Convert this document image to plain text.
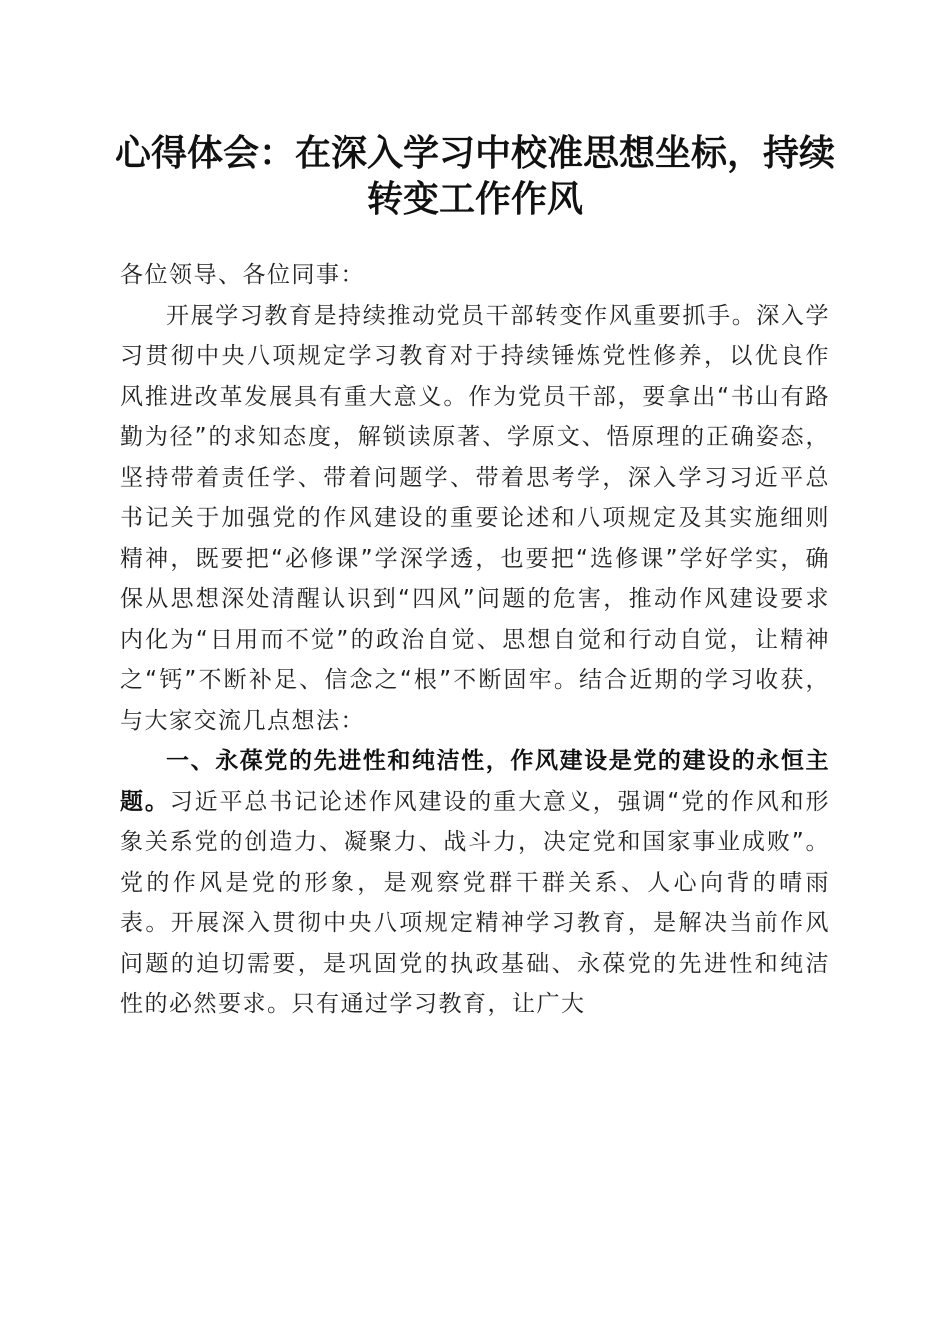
心得体会：在深入学习中校准思想坐标，持续
转变工作作风

各位领导、各位同事：

开展学习教育是持续推动党员干部转变作风重要抓手。深入学习贯彻中央八项规定学习教育对于持续锤炼党性修养，以优良作风推进改革发展具有重大意义。作为党员干部，要拿出“书山有路勤为径”的求知态度，解锁读原著、学原文、悟原理的正确姿态，坚持带着责任学、带着问题学、带着思考学，深入学习习近平总书记关于加强党的作风建设的重要论述和八项规定及其实施细则精神，既要把“必修课”学深学透，也要把“选修课”学好学实，确保从思想深处清醒认识到“四风”问题的危害，推动作风建设要求内化为“日用而不觉”的政治自觉、思想自觉和行动自觉，让精神之“钙”不断补足、信念之“根”不断固牢。结合近期的学习收获，与大家交流几点想法：

一、永葆党的先进性和纯洁性，作风建设是党的建设的永恒主题。习近平总书记论述作风建设的重大意义，强调“党的作风和形象关系党的创造力、凝聚力、战斗力，决定党和国家事业成败”。党的作风是党的形象，是观察党群干群关系、人心向背的晴雨表。开展深入贯彻中央八项规定精神学习教育，是解决当前作风问题的迫切需要，是巩固党的执政基础、永葆党的先进性和纯洁性的必然要求。只有通过学习教育，让广大
